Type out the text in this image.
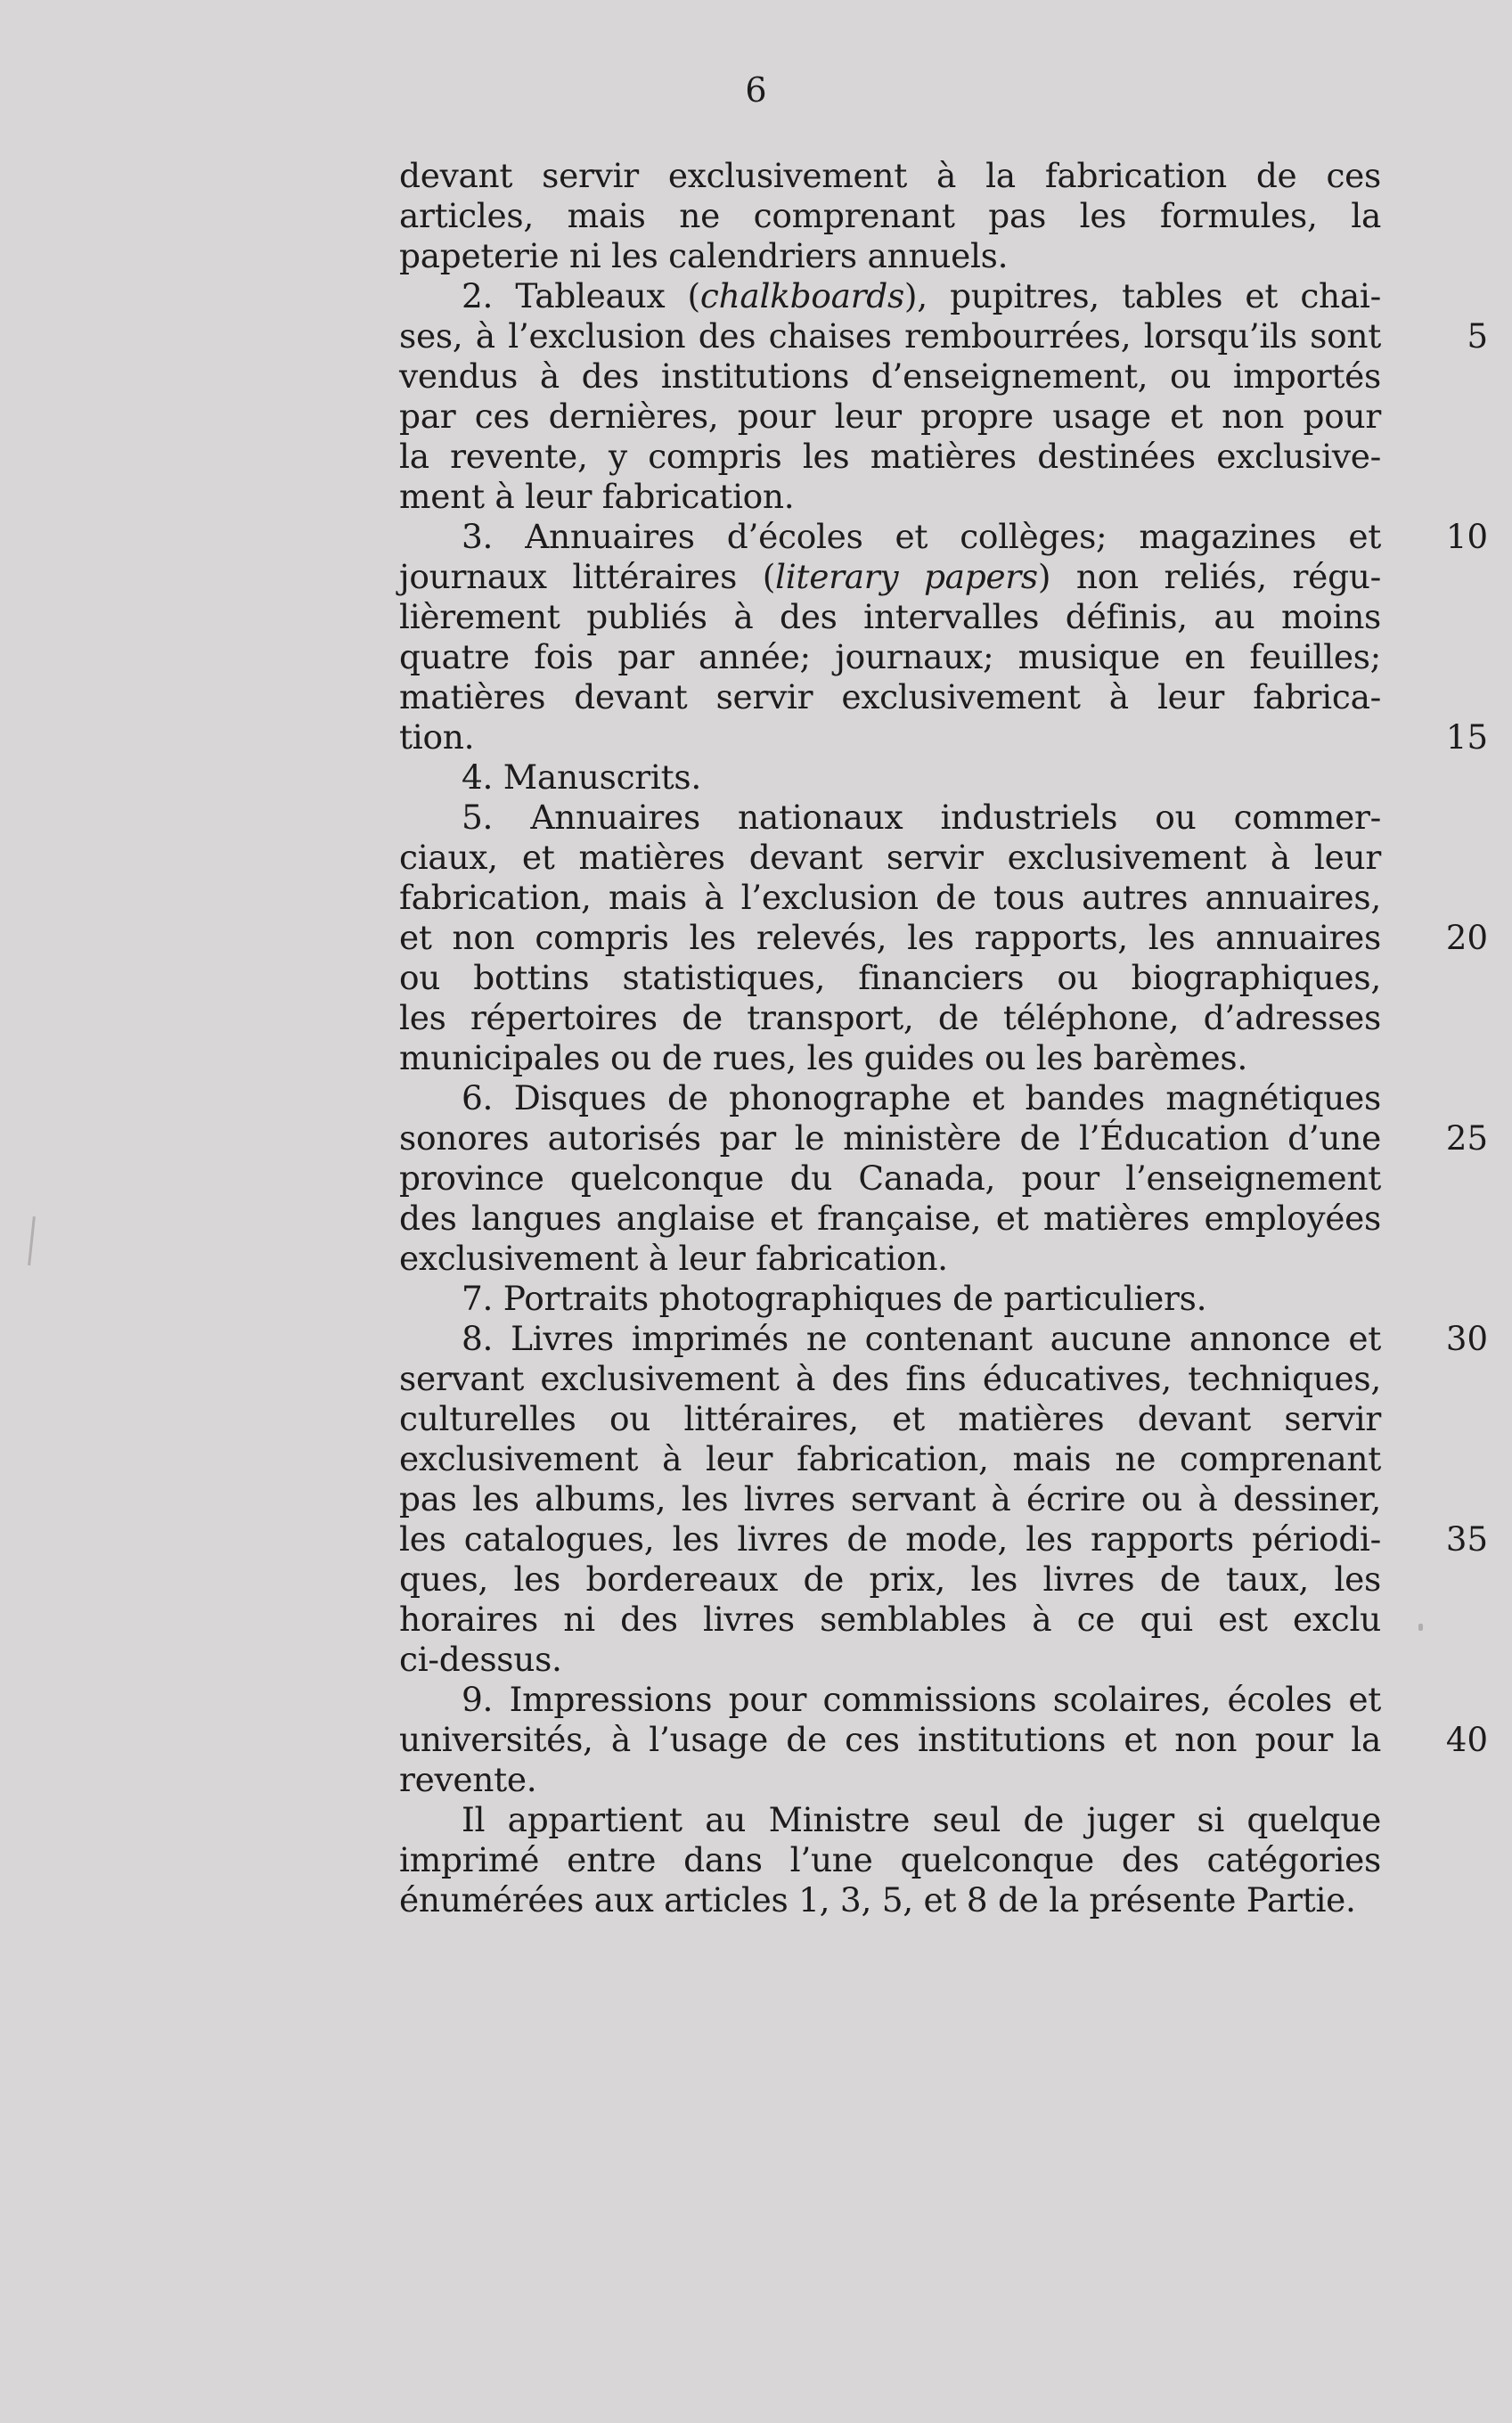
6
devant servir exclusivement à la fabrication de ces
articles, mais ne comprenant pas les formules, la
papeterie ni les calendriers annuels.
2. Tableaux (chalkboards), pupitres, tables et chai-
ses, à l’exclusion des chaises rembourrées, lorsqu’ils sont	5
vendus à des institutions d’enseignement, ou importés
par ces dernières, pour leur propre usage et non pour
la revente, y compris les matières destinées exclusive-
ment à leur fabrication.
3. Annuaires d’écoles et collèges; magazines et	10
journaux littéraires (literary papers) non reliés, régu-
lièrement publiés à des intervalles définis, au moins
quatre fois par année; journaux; musique en feuilles;
matières devant servir exclusivement à leur fabrica-
tion.	15
4. Manuscrits.
5. Annuaires nationaux industriels ou commer-
ciaux, et matières devant servir exclusivement à leur
fabrication, mais à l’exclusion de tous autres annuaires,
et non compris les relevés, les rapports, les annuaires	20
ou bottins statistiques, financiers ou biographiques,
les répertoires de transport, de téléphone, d’adresses
municipales ou de rues, les guides ou les barèmes.
6. Disques de phonographe et bandes magnétiques
sonores autorisés par le ministère de l’Éducation d’une	25
province quelconque du Canada, pour l’enseignement
des langues anglaise et française, et matières employées
exclusivement à leur fabrication.
7. Portraits photographiques de particuliers.
8. Livres imprimés ne contenant aucune annonce et	30
servant exclusivement à des fins éducatives, techniques,
culturelles ou littéraires, et matières devant servir
exclusivement à leur fabrication, mais ne comprenant
pas les albums, les livres servant à écrire ou à dessiner,
les catalogues, les livres de mode, les rapports périodi-	35
ques, les bordereaux de prix, les livres de taux, les
horaires ni des livres semblables à ce qui est exclu
ci-dessus.
9. Impressions pour commissions scolaires, écoles et
universités, à l’usage de ces institutions et non pour la	40
revente.
Il appartient au Ministre seul de juger si quelque
imprimé entre dans l’une quelconque des catégories
énumérées aux articles 1, 3, 5, et 8 de la présente Partie.
